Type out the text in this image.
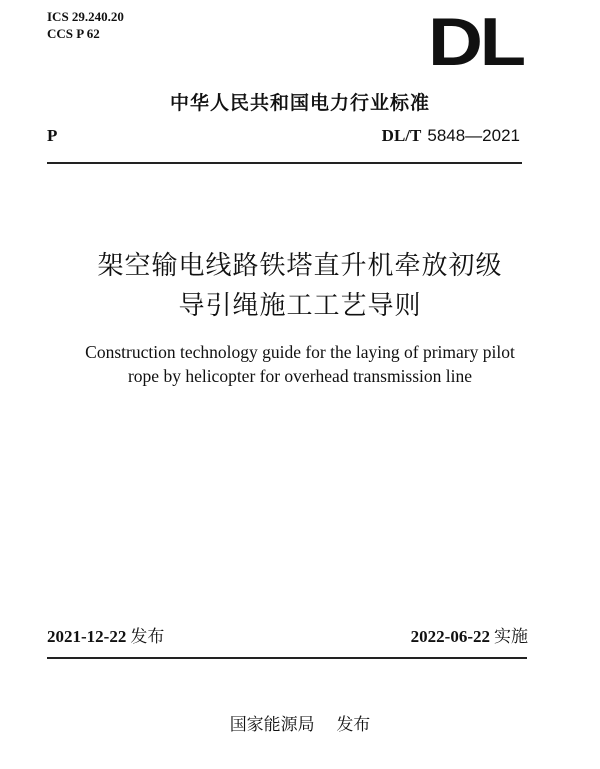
ICS 29.240.20
CCS P 62	DL
中华人民共和国电力行业标准
P	DL/T 5848—2021
架空输电线路铁塔直升机牵放初级
导引绳施工工艺导则
Construction technology guide for the laying of primary pilot
rope by helicopter for overhead transmission line
2021-12-22 发布	2022-06-22 实施
国家能源局 发布
